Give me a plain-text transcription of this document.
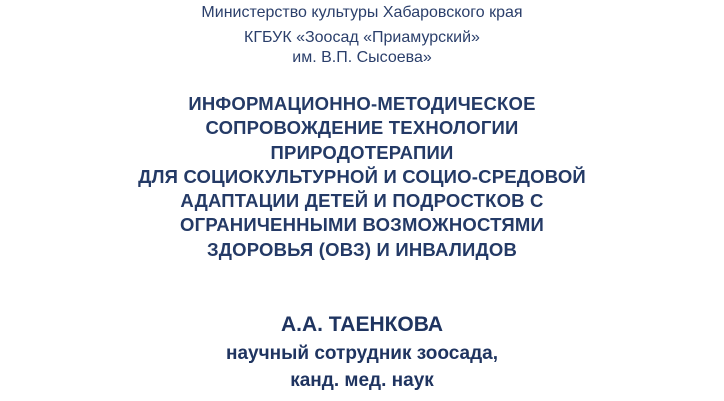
Министерство культуры Хабаровского края
КГБУК «Зоосад «Приамурский»
им. В.П. Сысоева»
ИНФОРМАЦИОННО-МЕТОДИЧЕСКОЕ
СОПРОВОЖДЕНИЕ ТЕХНОЛОГИИ
ПРИРОДОТЕРАПИИ
ДЛЯ СОЦИОКУЛЬТУРНОЙ И СОЦИО-СРЕДОВОЙ
АДАПТАЦИИ ДЕТЕЙ И ПОДРОСТКОВ С
ОГРАНИЧЕННЫМИ ВОЗМОЖНОСТЯМИ
ЗДОРОВЬЯ (ОВЗ) И ИНВАЛИДОВ
А.А. ТАЕНКОВА
научный сотрудник зоосада,
канд. мед. наук
